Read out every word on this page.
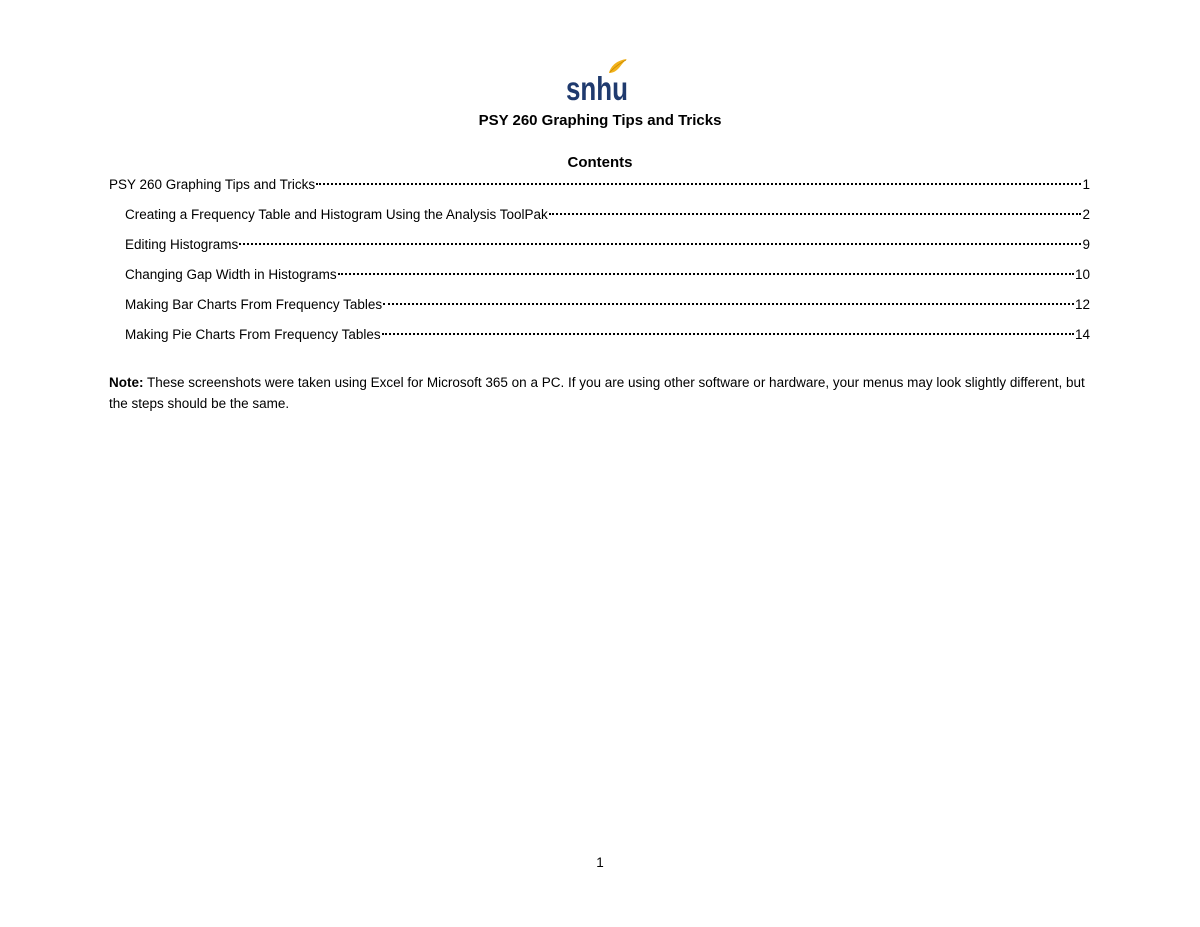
snhu
PSY 260 Graphing Tips and Tricks
Contents
PSY 260 Graphing Tips and Tricks	1
Creating a Frequency Table and Histogram Using the Analysis ToolPak	2
Editing Histograms	9
Changing Gap Width in Histograms	10
Making Bar Charts From Frequency Tables	12
Making Pie Charts From Frequency Tables	14
Note: These screenshots were taken using Excel for Microsoft 365 on a PC. If you are using other software or hardware, your menus may look slightly different, but the steps should be the same.
1
